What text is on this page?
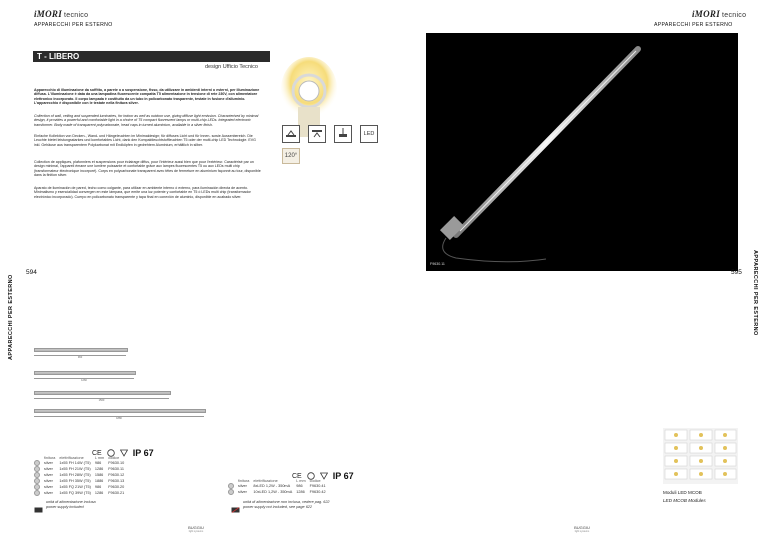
iMORI tecnico
APPARECCHI PER ESTERNO
T - LIBERO
design Ufficio Tecnico
Apparecchio di illuminazione da soffitto, a parete o a sospensione, fisso, da utilizzare in ambienti interni o esterni, per illuminazione diffusa. L'illuminazione è data da una lampadina fluorescente compatta T5 alimentazione in tensione di rete 230V, con alimentatore elettronico incorporato. Il corpo lampada è costituito da un tubo in policarbonato trasparente, testate in fusione d'alluminio. L'apparecchio è disponibile con le testate nella finitura silver.
Collection of wall, ceiling and suspended luminaires, for indoor as well as outdoor use, giving diffuse light emission. Characterised by minimal design, it provides a powerful and comfortable light in a choice of T5 compact fluorescent lamps or multi-chip LEDs. Integrated electronic transformer. Body made of transparent polycarbonate, head caps in turned aluminium, available in a silver finish.
Einfache Kollektion von Decken-, Wand- und Hängeleuchten im Minimaldesign; für diffuses Licht und für Innen- sowie Aussenbereich. Die Leuchte bietet leistungsstarkes und komfortables Licht, dank den Kompaktleuchtstoffleuchten T5 oder der multi-chip LED Technologie. EVG inkl. Gehäuse aus transparentem Polykarbonat mit Endköpfen in gedrehtem Aluminium, erhältlich in silber.
Collection de appliques, plafonniers et suspensions pour éclairage diffus, pour l'intérieur aussi bien que pour l'extérieur. Caractérisé par un design minimal, l'appareil émane une lumière puissante et confortable grâce aux lampes fluorescentes T5 ou aux LEDs multi chip (transformateur électronique incorporé). Corps en polycarbonate transparent avec têtes de fermeture en aluminium façonné au tour, disponible dans la finition silver.
Aparato de iluminación de pared, techo como colgante, para utilizar en ambiente interno ó externo, para iluminación directa de acento. Minimalismo y esencialidad convergen en este lámpara, que emite una luz potente y confortable en T5 ó LEDs multi chip (transformador electrónico incorporado). Cuerpo en policarbonato transparente y tapa final en conexión de aluminio, disponible en acabado silver.
LED
120°
APPARECCHI PER ESTERNO
594
960
1260
1560
1880
CE	IP 67
	finitura	elettrificazione	L mm	codice
	silver	1x55 FH 14W (T5)	986	F9630.10
	silver	1x55 FH 21W (T5)	1286	F9630.11
	silver	1x55 FH 28W (T5)	1586	F9630.12
	silver	1x55 FH 35W (T5)	1886	F9630.13
	silver	1x55 FQ 21W (T5)	986	F9630.20
	silver	1x55 FQ 39W (T5)	1286	F9630.21
unità di alimentazione inclusa
power supply included
BUGGIU
light systems
iMORI tecnico
APPARECCHI PER ESTERNO
F9630.11	APPARECCHI PER ESTERNO
595
CE	IP 67
	finitura	elettrificazione	L mm	codice
	silver	8xLED 1,2W - 350mA	986	F9630.41
	silver	10xLED 1,2W - 350mA	1286	F9630.42
unità di alimentazione non inclusa, vedere pag. 622
power supply not included, see page 622
Moduli LED MCOB
LED MCOB Modules
BUGGIU
light systems
